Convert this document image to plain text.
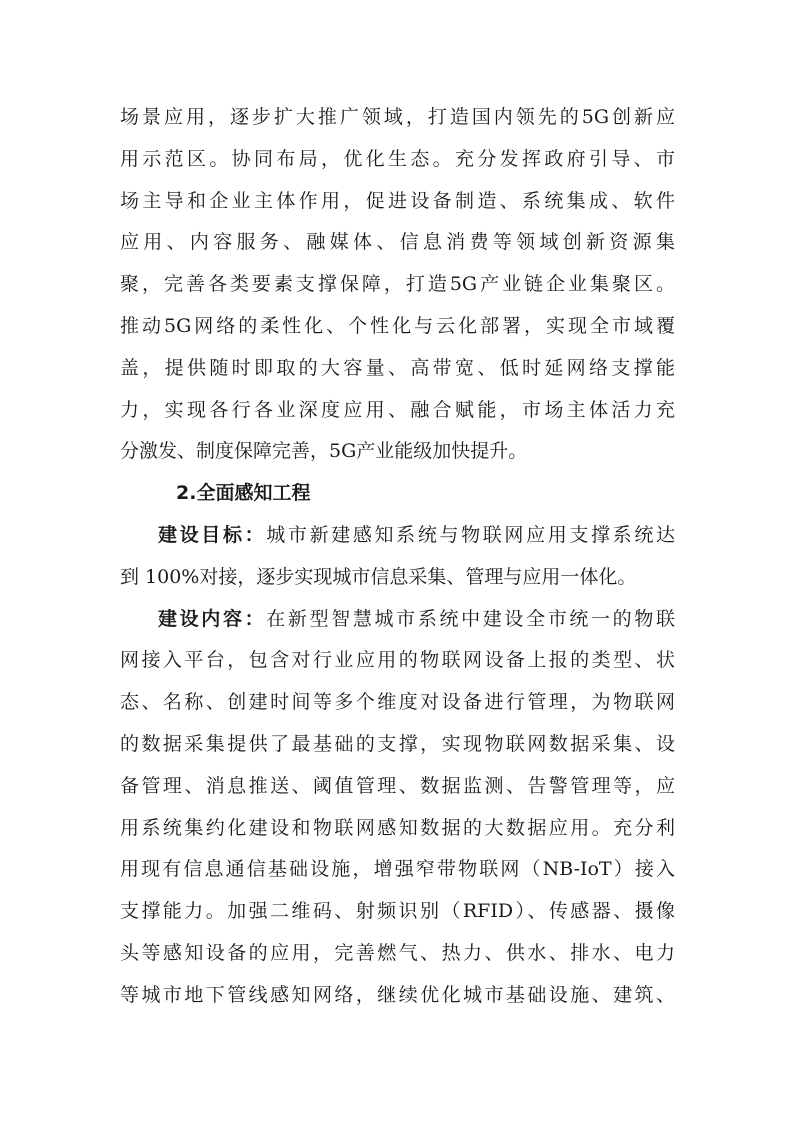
场景应用，逐步扩大推广领域，打造国内领先的5G创新应
用示范区。协同布局，优化生态。充分发挥政府引导、市
场主导和企业主体作用，促进设备制造、系统集成、软件
应用、内容服务、融媒体、信息消费等领域创新资源集
聚，完善各类要素支撑保障，打造5G产业链企业集聚区。
推动5G网络的柔性化、个性化与云化部署，实现全市域覆
盖，提供随时即取的大容量、高带宽、低时延网络支撑能
力，实现各行各业深度应用、融合赋能，市场主体活力充
分激发、制度保障完善，5G产业能级加快提升。
2.全面感知工程
建设目标：城市新建感知系统与物联网应用支撑系统达
到 100%对接，逐步实现城市信息采集、管理与应用一体化。
建设内容：在新型智慧城市系统中建设全市统一的物联
网接入平台，包含对行业应用的物联网设备上报的类型、状
态、名称、创建时间等多个维度对设备进行管理，为物联网
的数据采集提供了最基础的支撑，实现物联网数据采集、设
备管理、消息推送、阈值管理、数据监测、告警管理等，应
用系统集约化建设和物联网感知数据的大数据应用。充分利
用现有信息通信基础设施，增强窄带物联网（NB-IoT）接入
支撑能力。加强二维码、射频识别（RFID）、传感器、摄像
头等感知设备的应用，完善燃气、热力、供水、排水、电力
等城市地下管线感知网络，继续优化城市基础设施、建筑、
